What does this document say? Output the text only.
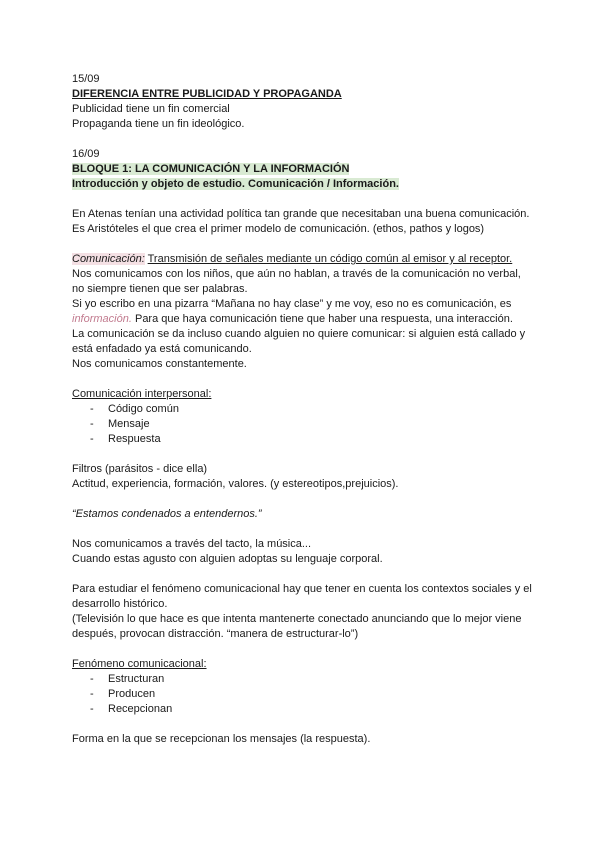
15/09
DIFERENCIA ENTRE PUBLICIDAD Y PROPAGANDA
Publicidad tiene un fin comercial
Propaganda tiene un fin ideológico.
16/09
BLOQUE 1: LA COMUNICACIÓN Y LA INFORMACIÓN
Introducción y objeto de estudio. Comunicación / Información.
En Atenas tenían una actividad política tan grande que necesitaban una buena comunicación.
Es Aristóteles el que crea el primer modelo de comunicación. (ethos, pathos y logos)
Comunicación: Transmisión de señales mediante un código común al emisor y al receptor.
Nos comunicamos con los niños, que aún no hablan, a través de la comunicación no verbal, no siempre tienen que ser palabras.
Si yo escribo en una pizarra “Mañana no hay clase” y me voy, eso no es comunicación, es información. Para que haya comunicación tiene que haber una respuesta, una interacción.
La comunicación se da incluso cuando alguien no quiere comunicar: si alguien está callado y está enfadado ya está comunicando.
Nos comunicamos constantemente.
Comunicación interpersonal:
- Código común
- Mensaje
- Respuesta
Filtros (parásitos - dice ella)
Actitud, experiencia, formación, valores. (y estereotipos,prejuicios).
“Estamos condenados a entendernos.”
Nos comunicamos a través del tacto, la música...
Cuando estas agusto con alguien adoptas su lenguaje corporal.
Para estudiar el fenómeno comunicacional hay que tener en cuenta los contextos sociales y el desarrollo histórico.
(Televisión lo que hace es que intenta mantenerte conectado anunciando que lo mejor viene después, provocan distracción. “manera de estructurar-lo”)
Fenómeno comunicacional:
- Estructuran
- Producen
- Recepcionan
Forma en la que se recepcionan los mensajes (la respuesta).
